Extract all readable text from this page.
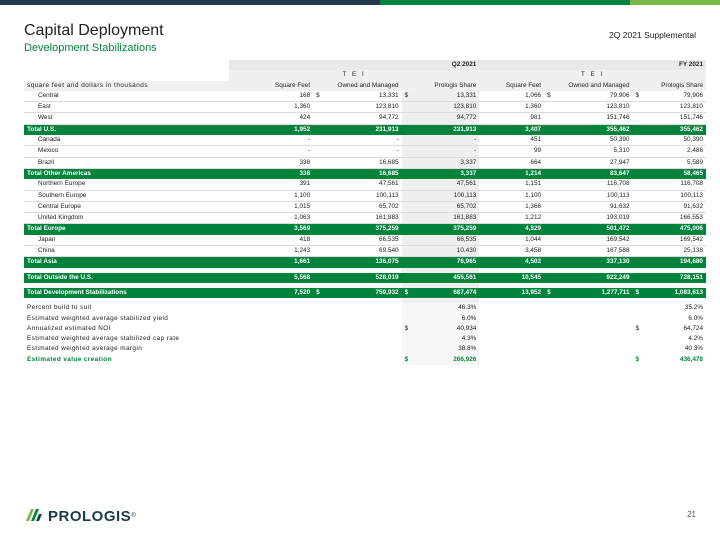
Capital Deployment
Development Stabilizations
2Q 2021 Supplemental
	Q2 2021					FY 2021				
	T E I					T E I				
square feet and dollars in thousands	Square Feet	Owned and Managed		Prologis Share		Square Feet	Owned and Managed		Prologis Share	
Central	168	$	13,331	$	13,331	1,066	$	79,906	$	79,906
East	1,360		123,810		123,810	1,360		123,810		123,810
West	424		94,772		94,772	981		151,746		151,746
Total U.S.	1,952		231,913		231,913	3,407		355,462		355,462
Canada	-		-		-	451		50,390		50,390
Mexico	-		-		-	99		5,310		2,486
Brazil	338		16,685		3,337	664		27,947		5,589
Total Other Americas	338		16,685		3,337	1,214		83,647		58,465
Northern Europe	391		47,561		47,561	1,151		116,708		116,708
Southern Europe	1,100		100,113		100,113	1,100		100,113		100,113
Central Europe	1,015		65,702		65,702	1,366		91,632		91,632
United Kingdom	1,063		161,883		161,883	1,212		193,019		166,553
Total Europe	3,569		375,259		375,259	4,829		501,472		475,006
Japan	418		66,535		66,535	1,044		169,542		169,542
China	1,243		69,540		10,430	3,458		167,588		25,138
Total Asia	1,661		136,075		76,965	4,502		337,130		194,680

Total Outside the U.S.	5,568		528,019		455,561	10,545		922,249		728,151

Total Development Stabilizations	7,520	$	759,932	$	687,474	13,952	$	1,277,711	$	1,083,613

Percent build to suit					46.3%					35.2%
Estimated weighted average stabilized yield					6.0%					6.0%
Annualized estimated NOI				$	40,934				$	64,724
Estimated weighted average stabilized cap rate					4.3%					4.2%
Estimated weighted average margin					38.8%					40.3%
Estimated value creation				$	266,926				$	436,478
PROLOGIS ®	21
